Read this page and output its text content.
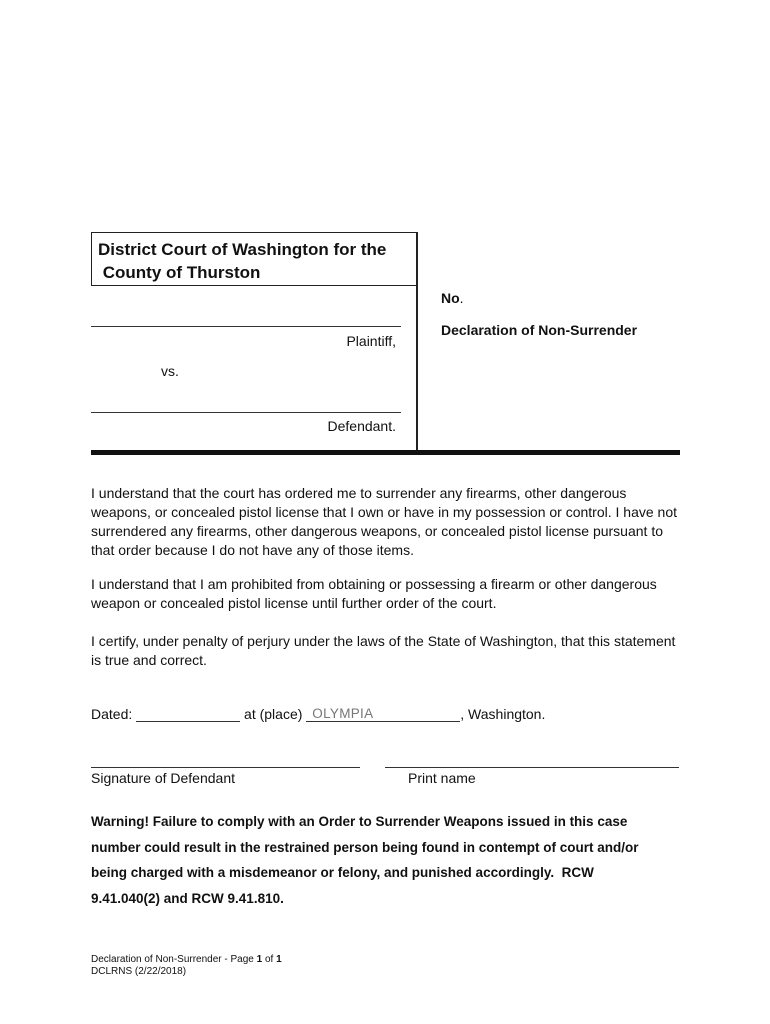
District Court of Washington for the
County of Thurston
No.
Declaration of Non-Surrender
Plaintiff,
vs.
Defendant.
I understand that the court has ordered me to surrender any firearms, other dangerous weapons, or concealed pistol license that I own or have in my possession or control. I have not surrendered any firearms, other dangerous weapons, or concealed pistol license pursuant to that order because I do not have any of those items.
I understand that I am prohibited from obtaining or possessing a firearm or other dangerous weapon or concealed pistol license until further order of the court.
I certify, under penalty of perjury under the laws of the State of Washington, that this statement is true and correct.
Dated:	at (place) OLYMPIA	, Washington.
Signature of Defendant	Print name
Warning! Failure to comply with an Order to Surrender Weapons issued in this case
number could result in the restrained person being found in contempt of court and/or
being charged with a misdemeanor or felony, and punished accordingly.  RCW
9.41.040(2) and RCW 9.41.810.
Declaration of Non-Surrender - Page 1 of 1
DCLRNS (2/22/2018)
